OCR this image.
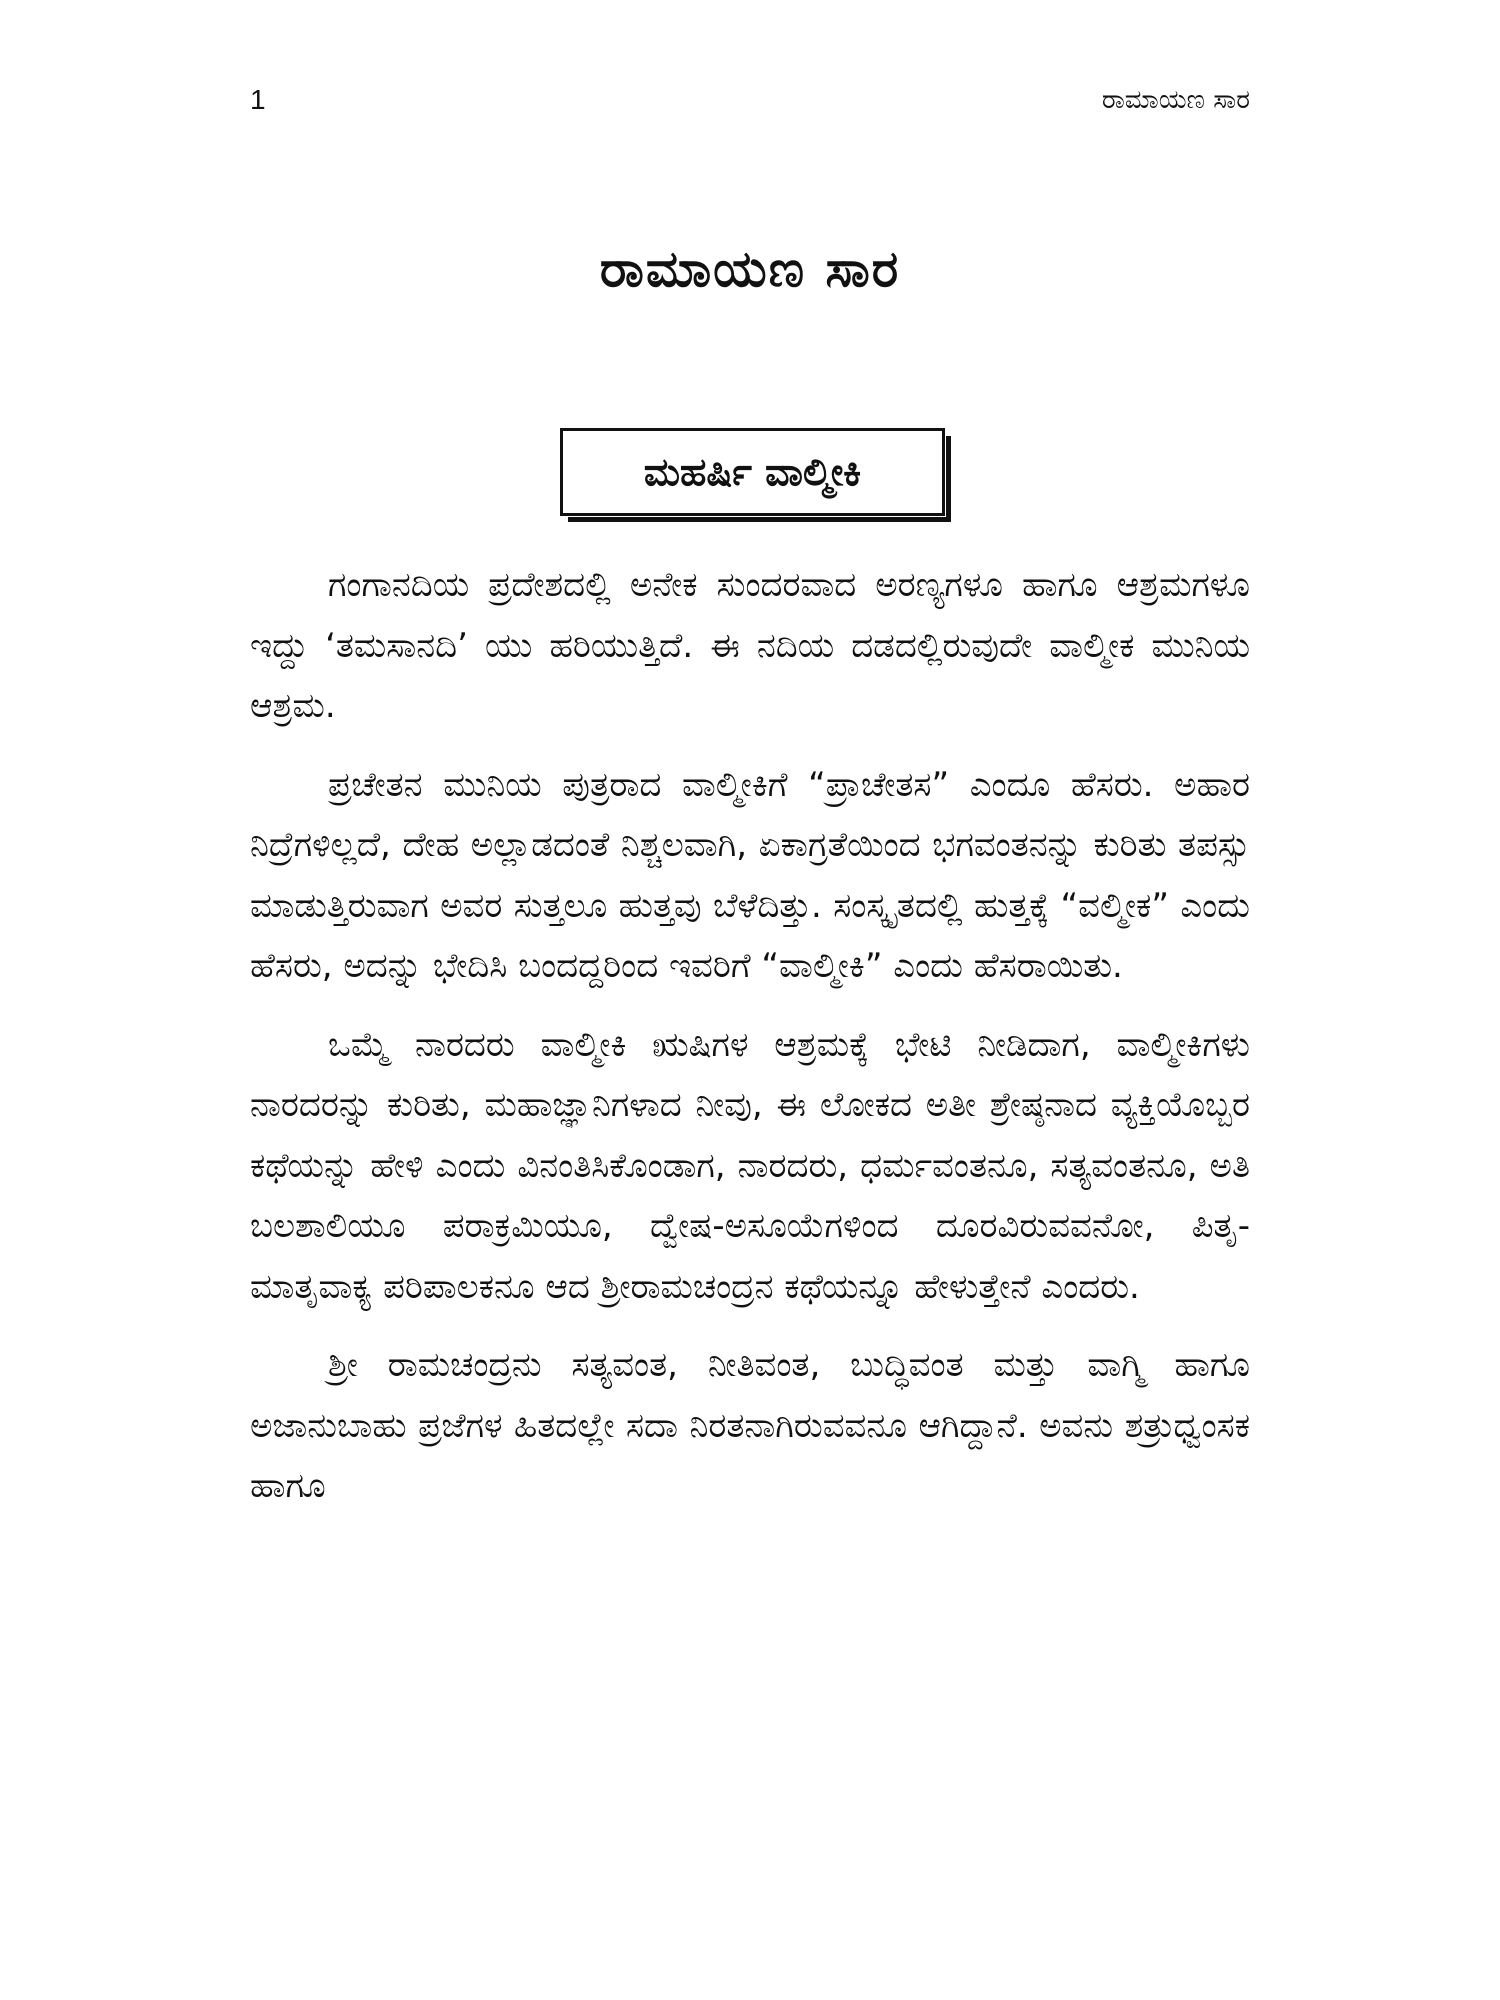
1	ರಾಮಾಯಣ ಸಾರ
ರಾಮಾಯಣ ಸಾರ
ಮಹರ್ಷಿ ವಾಲ್ಮೀಕಿ

ಗಂಗಾನದಿಯ ಪ್ರದೇಶದಲ್ಲಿ ಅನೇಕ ಸುಂದರವಾದ ಅರಣ್ಯಗಳೂ ಹಾಗೂ ಆಶ್ರಮಗಳೂ ಇದ್ದು ‘ತಮಸಾನದಿ’ ಯು ಹರಿಯುತ್ತಿದೆ. ಈ ನದಿಯ ದಡದಲ್ಲಿರುವುದೇ ವಾಲ್ಮೀಕ ಮುನಿಯ ಆಶ್ರಮ.

ಪ್ರಚೇತನ ಮುನಿಯ ಪುತ್ರರಾದ ವಾಲ್ಮೀಕಿಗೆ “ಪ್ರಾಚೇತಸ” ಎಂದೂ ಹೆಸರು. ಅಹಾರ ನಿದ್ರೆಗಳಿಲ್ಲದೆ, ದೇಹ ಅಲ್ಲಾಡದಂತೆ ನಿಶ್ಚಲವಾಗಿ, ಏಕಾಗ್ರತೆಯಿಂದ ಭಗವಂತನನ್ನು ಕುರಿತು ತಪಸ್ಸು ಮಾಡುತ್ತಿರುವಾಗ ಅವರ ಸುತ್ತಲೂ ಹುತ್ತವು ಬೆಳೆದಿತ್ತು. ಸಂಸ್ಕೃತದಲ್ಲಿ ಹುತ್ತಕ್ಕೆ “ವಲ್ಮೀಕ” ಎಂದು ಹೆಸರು, ಅದನ್ನು ಭೇದಿಸಿ ಬಂದದ್ದರಿಂದ ಇವರಿಗೆ “ವಾಲ್ಮೀಕಿ” ಎಂದು ಹೆಸರಾಯಿತು.

ಒಮ್ಮೆ ನಾರದರು ವಾಲ್ಮೀಕಿ ಋಷಿಗಳ ಆಶ್ರಮಕ್ಕೆ ಭೇಟಿ ನೀಡಿದಾಗ, ವಾಲ್ಮೀಕಿಗಳು ನಾರದರನ್ನು ಕುರಿತು, ಮಹಾಜ್ಞಾನಿಗಳಾದ ನೀವು, ಈ ಲೋಕದ ಅತೀ ಶ್ರೇಷ್ಠನಾದ ವ್ಯಕ್ತಿಯೊಬ್ಬರ ಕಥೆಯನ್ನು ಹೇಳಿ ಎಂದು ವಿನಂತಿಸಿಕೊಂಡಾಗ, ನಾರದರು, ಧರ್ಮವಂತನೂ, ಸತ್ಯವಂತನೂ, ಅತಿ ಬಲಶಾಲಿಯೂ ಪರಾಕ್ರಮಿಯೂ, ದ್ವೇಷ-ಅಸೂಯೆಗಳಿಂದ ದೂರವಿರುವವನೋ, ಪಿತೃ-ಮಾತೃವಾಕ್ಯ ಪರಿಪಾಲಕನೂ ಆದ ಶ್ರೀರಾಮಚಂದ್ರನ ಕಥೆಯನ್ನೂ ಹೇಳುತ್ತೇನೆ ಎಂದರು.

ಶ್ರೀ ರಾಮಚಂದ್ರನು ಸತ್ಯವಂತ, ನೀತಿವಂತ, ಬುದ್ಧಿವಂತ ಮತ್ತು ವಾಗ್ಮಿ ಹಾಗೂ ಅಜಾನುಬಾಹು ಪ್ರಜೆಗಳ ಹಿತದಲ್ಲೇ ಸದಾ ನಿರತನಾಗಿರುವವನೂ ಆಗಿದ್ದಾನೆ. ಅವನು ಶತ್ರುಧ್ವಂಸಕ ಹಾಗೂ
